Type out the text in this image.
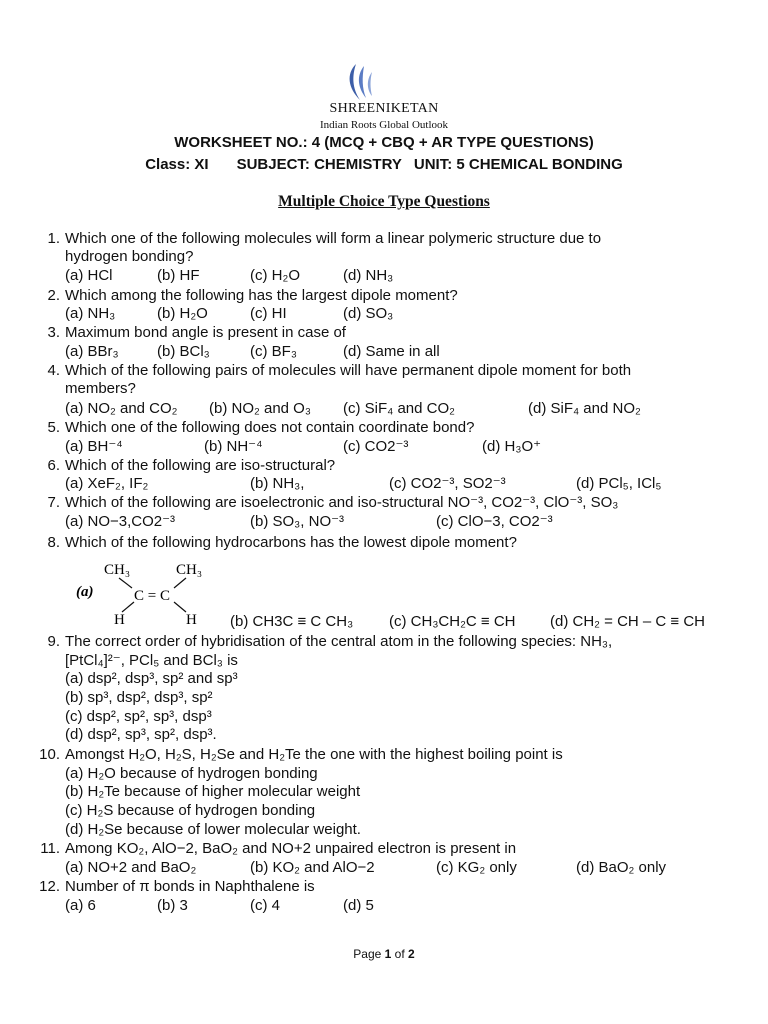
SHREENIKETAN
Indian Roots Global Outlook
WORKSHEET NO.: 4 (MCQ + CBQ + AR TYPE QUESTIONS)
Class: XI SUBJECT: CHEMISTRY UNIT: 5 CHEMICAL BONDING
Multiple Choice Type Questions
1. Which one of the following molecules will form a linear polymeric structure due to
hydrogen bonding?
(a) HCl	(b) HF	(c) H₂O	(d) NH₃
2. Which among the following has the largest dipole moment?
(a) NH₃	(b) H₂O	(c) HI	(d) SO₃
3. Maximum bond angle is present in case of
(a) BBr₃	(b) BCl₃	(c) BF₃	(d) Same in all
4. Which of the following pairs of molecules will have permanent dipole moment for both
members?
(a) NO₂ and CO₂ (b) NO₂ and O₃ (c) SiF₄ and CO₂	(d) SiF₄ and NO₂
5. Which one of the following does not contain coordinate bond?
(a) BH⁻⁴	(b) NH⁻⁴	(c) CO2⁻³	(d) H₃O⁺
6. Which of the following are iso-structural?
(a) XeF₂, IF₂	(b) NH₃,	(c) CO2⁻³, SO2⁻³	(d) PCl₅, ICl₅
7. Which of the following are isoelectronic and iso-structural NO⁻³, CO2⁻³, ClO⁻³, SO₃
(a) NO−3,CO2⁻³	(b) SO₃, NO⁻³	(c) ClO−3, CO2⁻³
8. Which of the following hydrocarbons has the lowest dipole moment?
(a)
CH₃	CH₃
C = C
H	H (b) CH3C ≡ C CH₃ (c) CH₃CH₂C ≡ CH (d) CH₂ = CH – C ≡ CH
9. The correct order of hybridisation of the central atom in the following species: NH₃,
[PtCl₄]²⁻, PCl₅ and BCl₃ is
(a) dsp², dsp³, sp² and sp³
(b) sp³, dsp², dsp³, sp²
(c) dsp², sp², sp³, dsp³
(d) dsp², sp³, sp², dsp³.
10. Amongst H₂O, H₂S, H₂Se and H₂Te the one with the highest boiling point is
(a) H₂O because of hydrogen bonding
(b) H₂Te because of higher molecular weight
(c) H₂S because of hydrogen bonding
(d) H₂Se because of lower molecular weight.
11. Among KO₂, AlO−2, BaO₂ and NO+2 unpaired electron is present in
(a) NO+2 and BaO₂	(b) KO₂ and AlO−2	(c) KG₂ only	(d) BaO₂ only
12. Number of π bonds in Naphthalene is
(a) 6	(b) 3	(c) 4	(d) 5
Page 1 of 2
